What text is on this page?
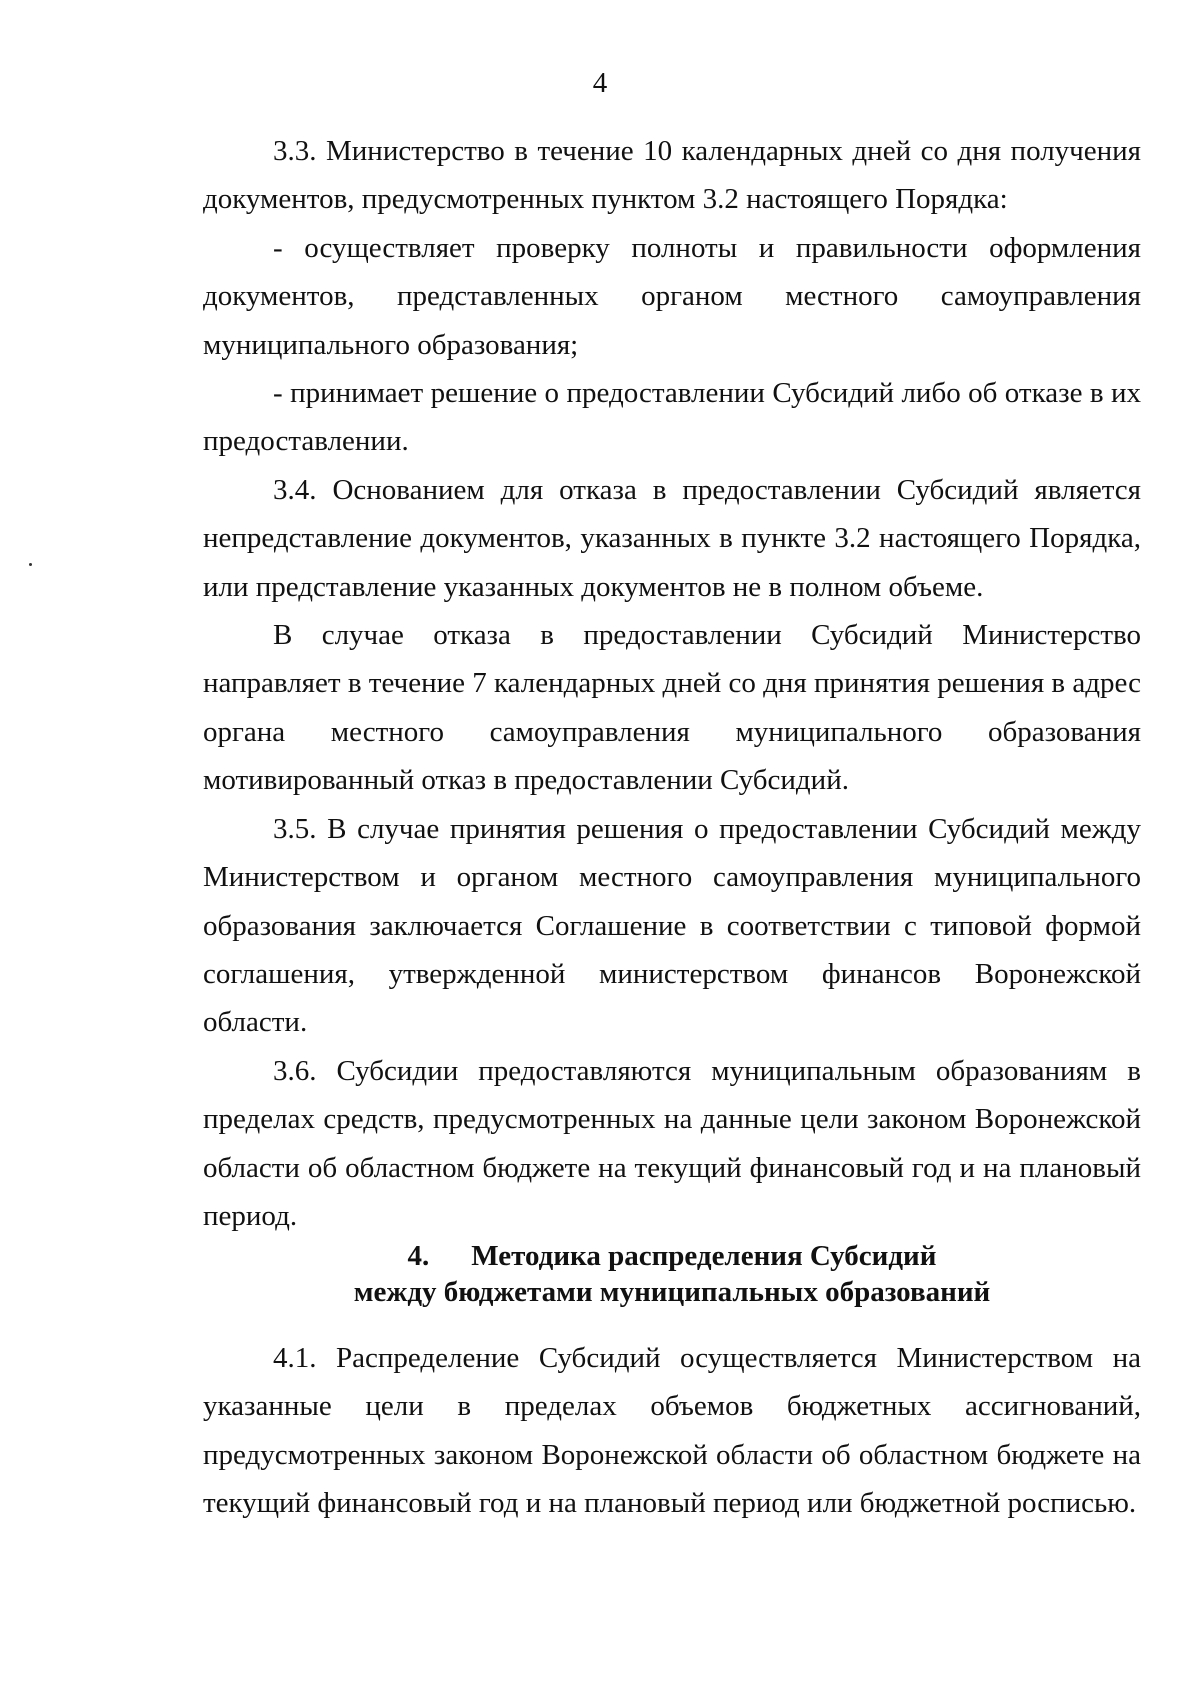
4

3.3. Министерство в течение 10 календарных дней со дня получения документов, предусмотренных пунктом 3.2 настоящего Порядка:

- осуществляет проверку полноты и правильности оформления документов, представленных органом местного самоуправления муниципального образования;

- принимает решение о предоставлении Субсидий либо об отказе в их предоставлении.

3.4. Основанием для отказа в предоставлении Субсидий является непредставление документов, указанных в пункте 3.2 настоящего Порядка, или представление указанных документов не в полном объеме.

В случае отказа в предоставлении Субсидий Министерство направляет в течение 7 календарных дней со дня принятия решения в адрес органа местного самоуправления муниципального образования мотивированный отказ в предоставлении Субсидий.

3.5. В случае принятия решения о предоставлении Субсидий между Министерством и органом местного самоуправления муниципального образования заключается Соглашение в соответствии с типовой формой соглашения, утвержденной министерством финансов Воронежской области.

3.6. Субсидии предоставляются муниципальным образованиям в пределах средств, предусмотренных на данные цели законом Воронежской области об областном бюджете на текущий финансовый год и на плановый период.

4. Методика распределения Субсидий
между бюджетами муниципальных образований

4.1. Распределение Субсидий осуществляется Министерством на указанные цели в пределах объемов бюджетных ассигнований, предусмотренных законом Воронежской области об областном бюджете на текущий финансовый год и на плановый период или бюджетной росписью.
